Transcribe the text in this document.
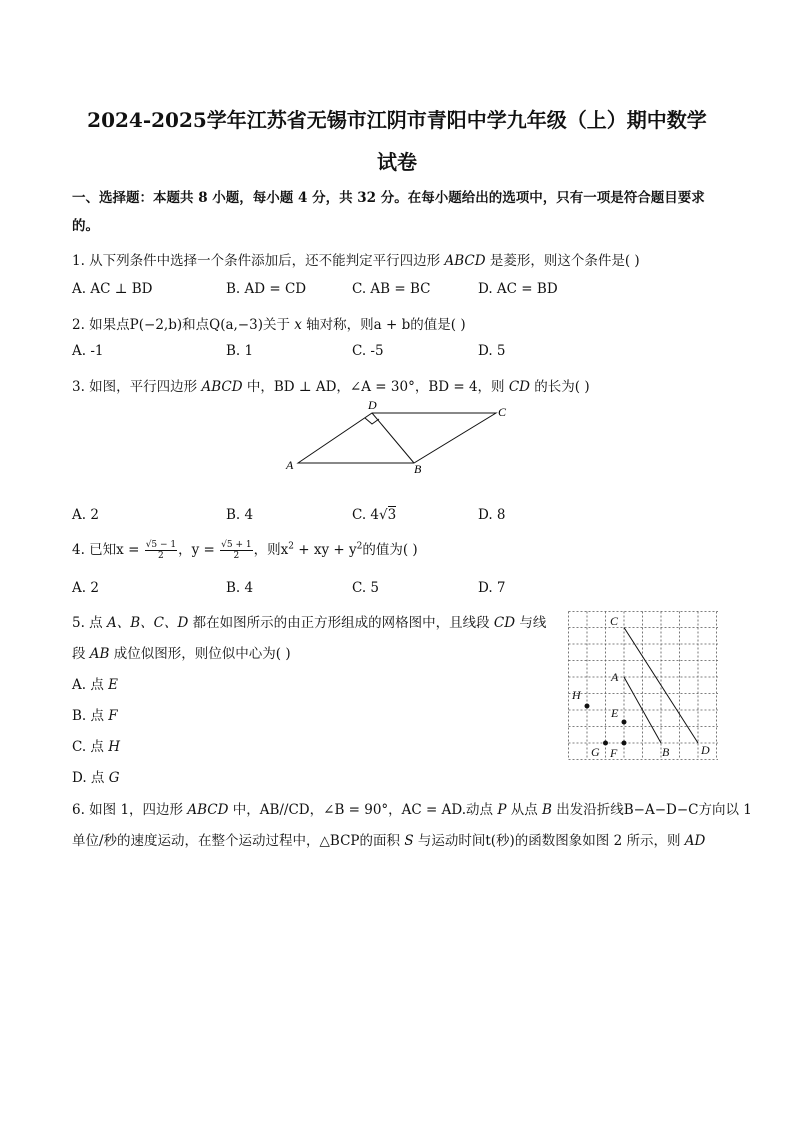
2024-2025学年江苏省无锡市江阴市青阳中学九年级（上）期中数学
试卷
一、选择题：本题共 8 小题，每小题 4 分，共 32 分。在每小题给出的选项中，只有一项是符合题目要求
的。
1. 从下列条件中选择一个条件添加后，还不能判定平行四边形 ABCD 是菱形，则这个条件是( )
A. AC ⊥ BD	B. AD = CD	C. AB = BC	D. AC = BD
2. 如果点P(−2,b)和点Q(a,−3)关于 x 轴对称，则a + b的值是( )
A. -1	B. 1	C. -5	D. 5
3. 如图，平行四边形 ABCD 中，BD ⊥ AD，∠A = 30°，BD = 4，则 CD 的长为( )
A
D	C
B
A. 2	B. 4	C. 4√3	D. 8
4. 已知$x = \frac{√5 - 1}{2}$ ，$y = \frac{√5 + 1}{2}$ ，则$x^2$ + xy + $y^2$的值为( )
A. 2	B. 4	C. 5	D. 7
5. 点 A、B、C、D 都在如图所示的由正方形组成的网格图中，且线段 CD 与线
段 AB 成位似图形，则位似中心为( )
A. 点 E
B. 点 F
C. 点 H
D. 点 G
C
A
H
E
G F	B	D
6. 如图 1，四边形 ABCD 中，AB//CD，∠B = 90°，AC = AD.动点 P 从点 B 出发沿折线B−A−D−C方向以 1
单位/秒的速度运动，在整个运动过程中，△BCP的面积 S 与运动时间t(秒)的函数图象如图 2 所示，则 AD
